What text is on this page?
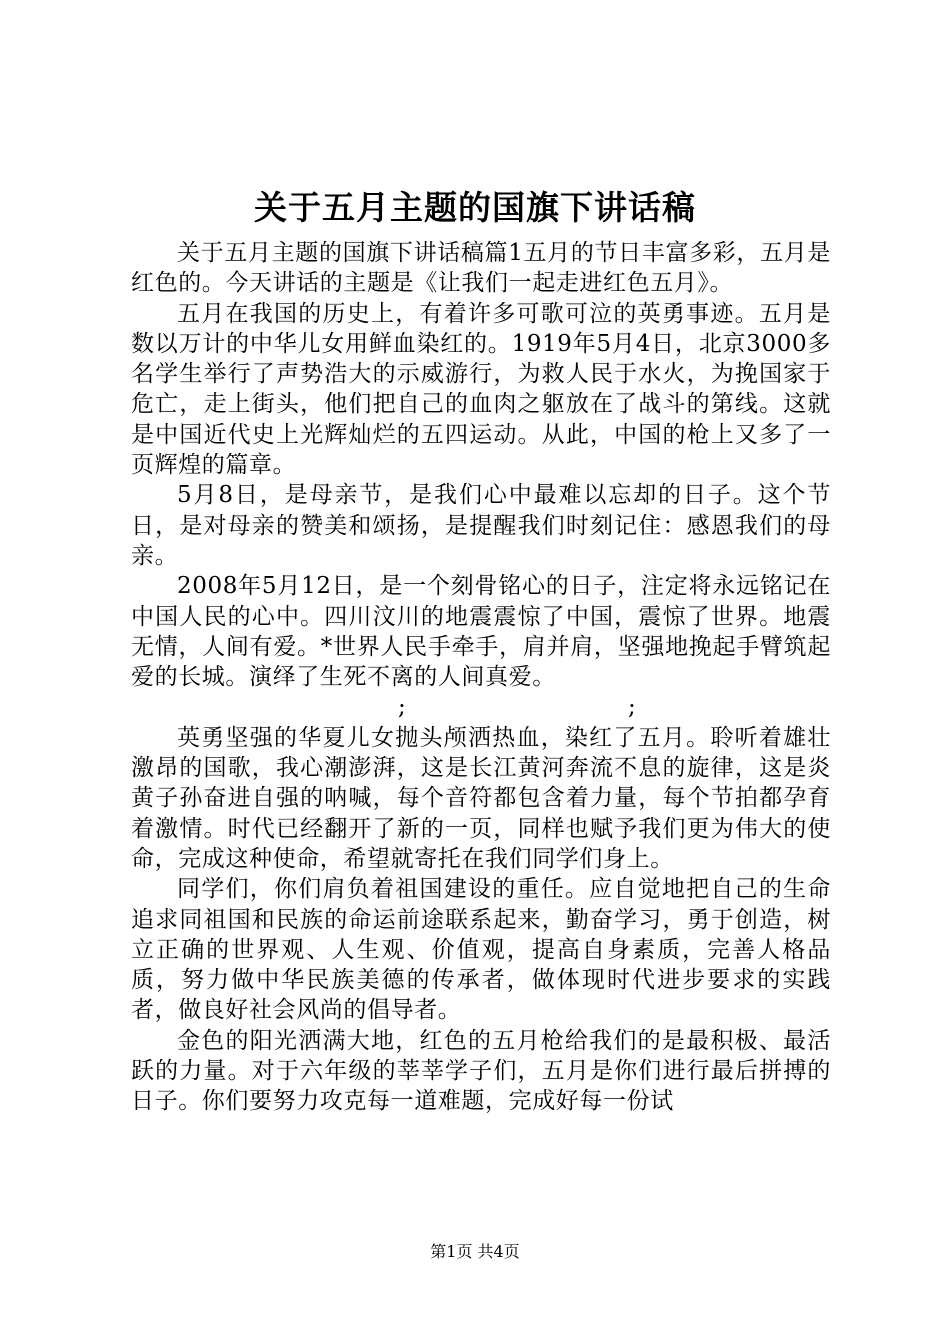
关于五月主题的国旗下讲话稿

关于五月主题的国旗下讲话稿篇1五月的节日丰富多彩，五月是红色的。今天讲话的主题是《让我们一起走进红色五月》。

五月在我国的历史上，有着许多可歌可泣的英勇事迹。五月是数以万计的中华儿女用鲜血染红的。1919年5月4日，北京3000多名学生举行了声势浩大的示威游行，为救人民于水火，为挽国家于危亡，走上街头，他们把自己的血肉之躯放在了战斗的第线。这就是中国近代史上光辉灿烂的五四运动。从此，中国的枪上又多了一页辉煌的篇章。

5月8日，是母亲节，是我们心中最难以忘却的日子。这个节日，是对母亲的赞美和颂扬，是提醒我们时刻记住：感恩我们的母亲。

2008年5月12日，是一个刻骨铭心的日子，注定将永远铭记在中国人民的心中。四川汶川的地震震惊了中国，震惊了世界。地震无情，人间有爱。*世界人民手牵手，肩并肩，坚强地挽起手臂筑起爱的长城。演绎了生死不离的人间真爱。

;	;

英勇坚强的华夏儿女抛头颅洒热血，染红了五月。聆听着雄壮激昂的国歌，我心潮澎湃，这是长江黄河奔流不息的旋律，这是炎黄子孙奋进自强的呐喊，每个音符都包含着力量，每个节拍都孕育着激情。时代已经翻开了新的一页，同样也赋予我们更为伟大的使命，完成这种使命，希望就寄托在我们同学们身上。

同学们，你们肩负着祖国建设的重任。应自觉地把自己的生命追求同祖国和民族的命运前途联系起来，勤奋学习，勇于创造，树立正确的世界观、人生观、价值观，提高自身素质，完善人格品质，努力做中华民族美德的传承者，做体现时代进步要求的实践者，做良好社会风尚的倡导者。

金色的阳光洒满大地，红色的五月枪给我们的是最积极、最活跃的力量。对于六年级的莘莘学子们，五月是你们进行最后拼搏的日子。你们要努力攻克每一道难题，完成好每一份试

第1页 共4页
